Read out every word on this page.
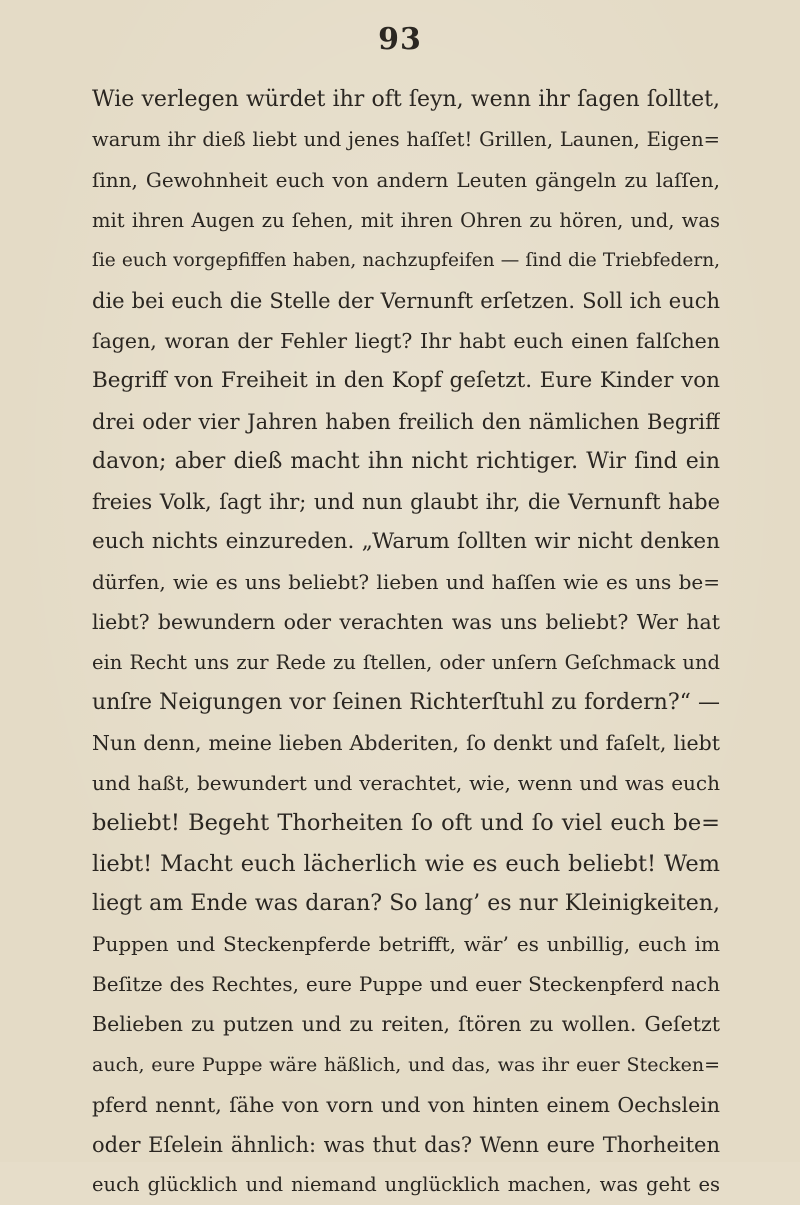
93
Wie verlegen würdet ihr oft ſeyn, wenn ihr ſagen ſolltet,
warum ihr dieß liebt und jenes haſſet! Grillen, Launen, Eigen=
ſinn, Gewohnheit euch von andern Leuten gängeln zu laſſen,
mit ihren Augen zu ſehen, mit ihren Ohren zu hören, und, was
ſie euch vorgepfiffen haben, nachzupfeifen — ſind die Triebfedern,
die bei euch die Stelle der Vernunft erſetzen. Soll ich euch
ſagen, woran der Fehler liegt? Ihr habt euch einen falſchen
Begriff von Freiheit in den Kopf geſetzt. Eure Kinder von
drei oder vier Jahren haben freilich den nämlichen Begriff
davon; aber dieß macht ihn nicht richtiger. Wir ſind ein
freies Volk, ſagt ihr; und nun glaubt ihr, die Vernunft habe
euch nichts einzureden. „Warum ſollten wir nicht denken
dürfen, wie es uns beliebt? lieben und haſſen wie es uns be=
liebt? bewundern oder verachten was uns beliebt? Wer hat
ein Recht uns zur Rede zu ſtellen, oder unſern Geſchmack und
unſre Neigungen vor ſeinen Richterſtuhl zu fordern?“ —
Nun denn, meine lieben Abderiten, ſo denkt und faſelt, liebt
und haßt, bewundert und verachtet, wie, wenn und was euch
beliebt! Begeht Thorheiten ſo oft und ſo viel euch be=
liebt! Macht euch lächerlich wie es euch beliebt! Wem
liegt am Ende was daran? So lang’ es nur Kleinigkeiten,
Puppen und Steckenpferde betrifft, wär’ es unbillig, euch im
Beſitze des Rechtes, eure Puppe und euer Steckenpferd nach
Belieben zu putzen und zu reiten, ſtören zu wollen. Geſetzt
auch, eure Puppe wäre häßlich, und das, was ihr euer Stecken=
pferd nennt, ſähe von vorn und von hinten einem Oechslein
oder Eſelein ähnlich: was thut das? Wenn eure Thorheiten
euch glücklich und niemand unglücklich machen, was geht es
